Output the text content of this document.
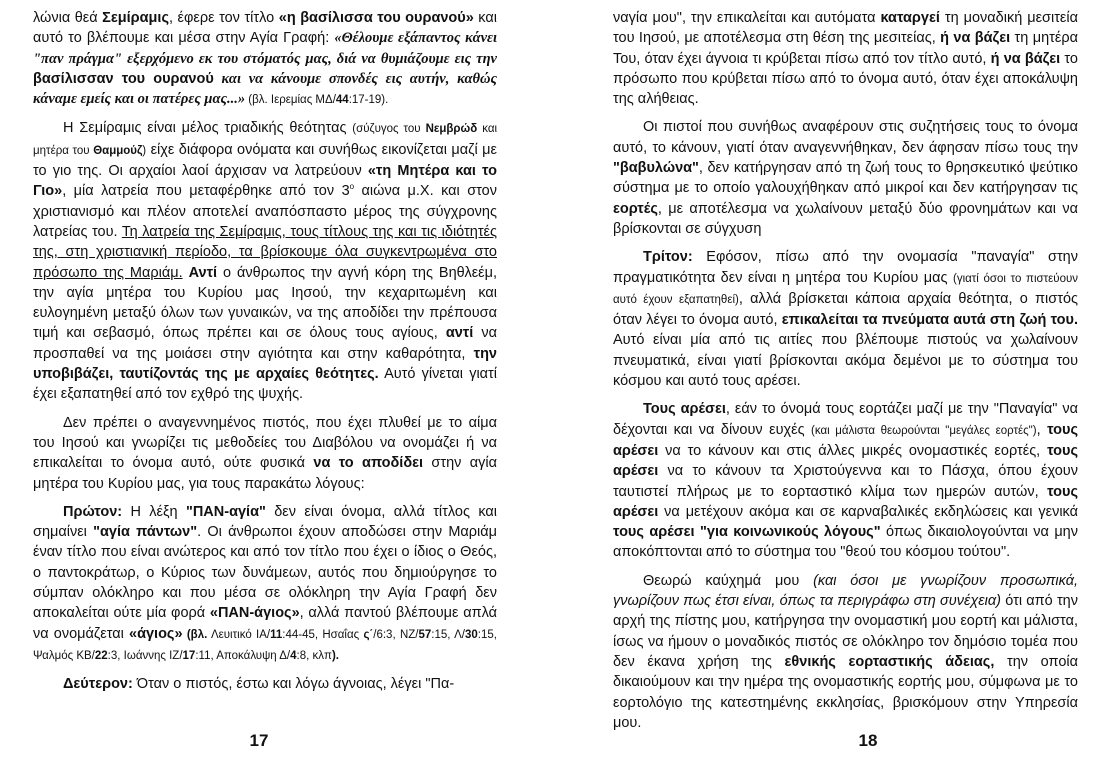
λώνια θεά Σεμίραμις, έφερε τον τίτλο «η βασίλισσα του ουρανού» και αυτό το βλέπουμε και μέσα στην Αγία Γραφή: «Θέλουμε εξάπαντος κάνει "παν πράγμα" εξερχόμενο εκ του στόματός μας, διά να θυμιάζουμε εις την βασίλισσαν του ουρανού και να κάνουμε σπονδές εις αυτήν, καθώς κάναμε εμείς και οι πατέρες μας...» (βλ. Ιερεμίας ΜΔ/44:17-19).

Η Σεμίραμις είναι μέλος τριαδικής θεότητας (σύζυγος του Νεμβρώδ και μητέρα του Θαμμούζ) είχε διάφορα ονόματα και συνήθως εικονίζεται μαζί με το γιο της. Οι αρχαίοι λαοί άρχισαν να λατρεύουν «τη Μητέρα και το Γιο», μία λατρεία που μεταφέρθηκε από τον $3^o$ αιώνα μ.Χ. και στον χριστιανισμό και πλέον αποτελεί αναπόσπαστο μέρος της σύγχρονης λατρείας του. Τη λατρεία της Σεμίραμις, τους τίτλους της και τις ιδιότητές της, στη χριστιανική περίοδο, τα βρίσκουμε όλα συγκεντρωμένα στο πρόσωπο της Μαριάμ. Αντί ο άνθρωπος την αγνή κόρη της Βηθλεέμ, την αγία μητέρα του Κυρίου μας Ιησού, την κεχαριτωμένη και ευλογημένη μεταξύ όλων των γυναικών, να της αποδίδει την πρέπουσα τιμή και σεβασμό, όπως πρέπει και σε όλους τους αγίους, αντί να προσπαθεί να της μοιάσει στην αγιότητα και στην καθαρότητα, την υποβιβάζει, ταυτίζοντάς της με αρχαίες θεότητες. Αυτό γίνεται γιατί έχει εξαπατηθεί από τον εχθρό της ψυχής.

Δεν πρέπει ο αναγεννημένος πιστός, που έχει πλυθεί με το αίμα του Ιησού και γνωρίζει τις μεθοδείες του Διαβόλου να ονομάζει ή να επικαλείται το όνομα αυτό, ούτε φυσικά να το αποδίδει στην αγία μητέρα του Κυρίου μας, για τους παρακάτω λόγους:

Πρώτον: Η λέξη "ΠΑΝ-αγία" δεν είναι όνομα, αλλά τίτλος και σημαίνει "αγία πάντων". Οι άνθρωποι έχουν αποδώσει στην Μαριάμ έναν τίτλο που είναι ανώτερος και από τον τίτλο που έχει ο ίδιος ο Θεός, ο παντοκράτωρ, ο Κύριος των δυνάμεων, αυτός που δημιούργησε το σύμπαν ολόκληρο και που μέσα σε ολόκληρη την Αγία Γραφή δεν αποκαλείται ούτε μία φορά «ΠΑΝ-άγιος», αλλά παντού βλέπουμε απλά να ονομάζεται «άγιος» (βλ. Λευιτικό ΙΑ/11:44-45, Ησαΐας ς΄/6:3, ΝΖ/57:15, Λ/30:15, Ψαλμός ΚΒ/22:3, Ιωάννης ΙΖ/17:11, Αποκάλυψη Δ/4:8, κλπ).

Δεύτερον: Όταν ο πιστός, έστω και λόγω άγνοιας, λέγει "Πα-

17

ναγία μου", την επικαλείται και αυτόματα καταργεί τη μοναδική μεσιτεία του Ιησού, με αποτέλεσμα στη θέση της μεσιτείας, ή να βάζει τη μητέρα Του, όταν έχει άγνοια τι κρύβεται πίσω από τον τίτλο αυτό, ή να βάζει το πρόσωπο που κρύβεται πίσω από το όνομα αυτό, όταν έχει αποκάλυψη της αλήθειας.

Οι πιστοί που συνήθως αναφέρουν στις συζητήσεις τους το όνομα αυτό, το κάνουν, γιατί όταν αναγεννήθηκαν, δεν άφησαν πίσω τους την "βαβυλώνα", δεν κατήργησαν από τη ζωή τους το θρησκευτικό ψεύτικο σύστημα με το οποίο γαλουχήθηκαν από μικροί και δεν κατήργησαν τις εορτές, με αποτέλεσμα να χωλαίνουν μεταξύ δύο φρονημάτων και να βρίσκονται σε σύγχυση

Τρίτον: Εφόσον, πίσω από την ονομασία "παναγία" στην πραγματικότητα δεν είναι η μητέρα του Κυρίου μας (γιατί όσοι το πιστεύουν αυτό έχουν εξαπατηθεί), αλλά βρίσκεται κάποια αρχαία θεότητα, ο πιστός όταν λέγει το όνομα αυτό, επικαλείται τα πνεύματα αυτά στη ζωή του. Αυτό είναι μία από τις αιτίες που βλέπουμε πιστούς να χωλαίνουν πνευματικά, είναι γιατί βρίσκονται ακόμα δεμένοι με το σύστημα του κόσμου και αυτό τους αρέσει.

Τους αρέσει, εάν το όνομά τους εορτάζει μαζί με την "Παναγία" να δέχονται και να δίνουν ευχές (και μάλιστα θεωρούνται "μεγάλες εορτές"), τους αρέσει να το κάνουν και στις άλλες μικρές ονομαστικές εορτές, τους αρέσει να το κάνουν τα Χριστούγεννα και το Πάσχα, όπου έχουν ταυτιστεί πλήρως με το εορταστικό κλίμα των ημερών αυτών, τους αρέσει να μετέχουν ακόμα και σε καρναβαλικές εκδηλώσεις και γενικά τους αρέσει "για κοινωνικούς λόγους" όπως δικαιολογούνται να μην αποκόπτονται από το σύστημα του "θεού του κόσμου τούτου".

Θεωρώ καύχημά μου (και όσοι με γνωρίζουν προσωπικά, γνωρίζουν πως έτσι είναι, όπως τα περιγράφω στη συνέχεια) ότι από την αρχή της πίστης μου, κατήργησα την ονομαστική μου εορτή και μάλιστα, ίσως να ήμουν ο μοναδικός πιστός σε ολόκληρο τον δημόσιο τομέα που δεν έκανα χρήση της εθνικής εορταστικής άδειας, την οποία δικαιούμουν και την ημέρα της ονομαστικής εορτής μου, σύμφωνα με το εορτολόγιο της κατεστημένης εκκλησίας, βρισκόμουν στην Υπηρεσία μου.

18
